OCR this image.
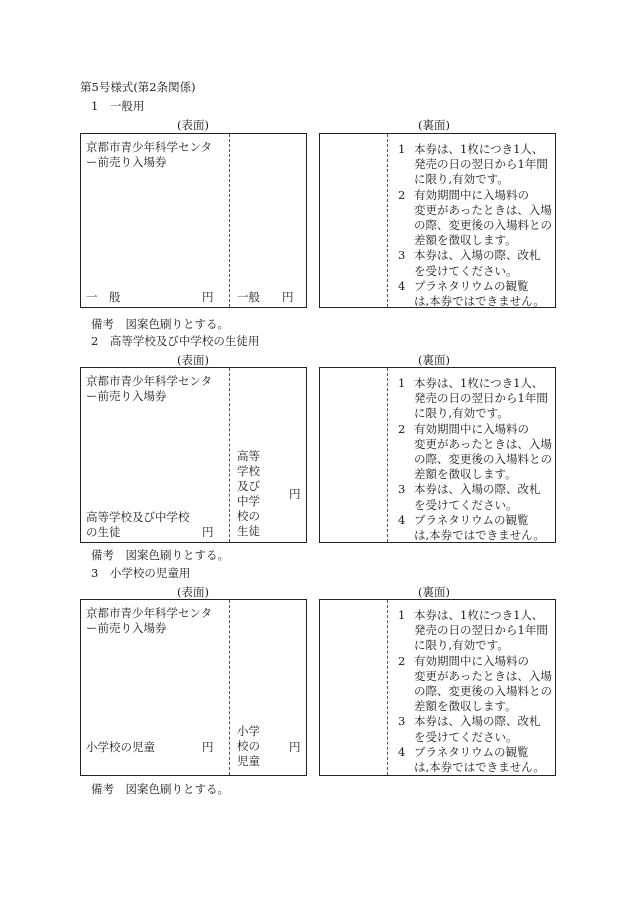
第5号様式(第2条関係)
1　一般用
(表面)	(裏面)
京都市青少年科学センタ
ー前売り入場券
一　般	円 一般 円
1 本券は、1枚につき1人、
発売の日の翌日から1年間
に限り,有効です。
2 有効期間中に入場料の
変更があったときは、入場
の際、変更後の入場料との
差額を徴収します。
3 本券は、入場の際、改札
を受けてください。
4 プラネタリウムの観覧
は,本券ではできません。
備考　図案色刷りとする。
2　高等学校及び中学校の生徒用
(表面)	(裏面)
京都市青少年科学センタ
ー前売り入場券
高等学校及び中学校
の生徒	円
高等
学校
及び
中学
校の
生徒
円
1 本券は、1枚につき1人、
発売の日の翌日から1年間
に限り,有効です。
2 有効期間中に入場料の
変更があったときは、入場
の際、変更後の入場料との
差額を徴収します。
3 本券は、入場の際、改札
を受けてください。
4 プラネタリウムの観覧
は,本券ではできません。
備考　図案色刷りとする。
3　小学校の児童用
(表面)	(裏面)
京都市青少年科学センタ
ー前売り入場券
小学校の児童	円
小学
校の
児童
円
1 本券は、1枚につき1人、
発売の日の翌日から1年間
に限り,有効です。
2 有効期間中に入場料の
変更があったときは、入場
の際、変更後の入場料との
差額を徴収します。
3 本券は、入場の際、改札
を受けてください。
4 プラネタリウムの観覧
は,本券ではできません。
備考　図案色刷りとする。
